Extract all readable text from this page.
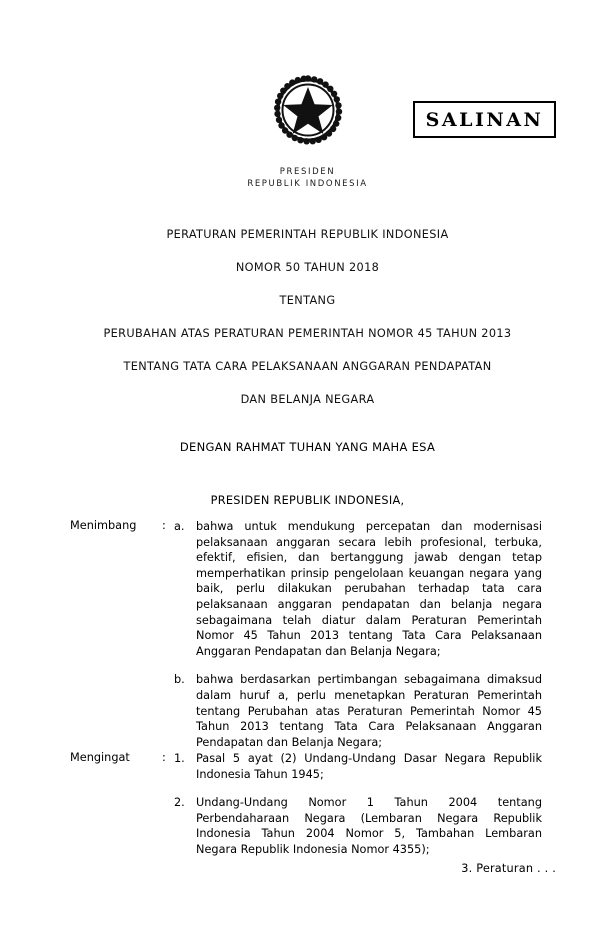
PRESIDEN
REPUBLIK INDONESIA
SALINAN
PERATURAN PEMERINTAH REPUBLIK INDONESIA
NOMOR 50 TAHUN 2018
TENTANG
PERUBAHAN ATAS PERATURAN PEMERINTAH NOMOR 45 TAHUN 2013
TENTANG TATA CARA PELAKSANAAN ANGGARAN PENDAPATAN
DAN BELANJA NEGARA
DENGAN RAHMAT TUHAN YANG MAHA ESA
PRESIDEN REPUBLIK INDONESIA,
Menimbang	: a.	bahwa untuk mendukung percepatan dan modernisasi pelaksanaan anggaran secara lebih profesional, terbuka, efektif, efisien, dan bertanggung jawab dengan tetap memperhatikan prinsip pengelolaan keuangan negara yang baik, perlu dilakukan perubahan terhadap tata cara pelaksanaan anggaran pendapatan dan belanja negara sebagaimana telah diatur dalam Peraturan Pemerintah Nomor 45 Tahun 2013 tentang Tata Cara Pelaksanaan Anggaran Pendapatan dan Belanja Negara;
b. bahwa berdasarkan pertimbangan sebagaimana dimaksud dalam huruf a, perlu menetapkan Peraturan Pemerintah tentang Perubahan atas Peraturan Pemerintah Nomor 45 Tahun 2013 tentang Tata Cara Pelaksanaan Anggaran Pendapatan dan Belanja Negara;
Mengingat	: 1. Pasal 5 ayat (2) Undang-Undang Dasar Negara Republik Indonesia Tahun 1945;
2. Undang-Undang Nomor 1 Tahun 2004 tentang Perbendaharaan Negara (Lembaran Negara Republik Indonesia Tahun 2004 Nomor 5, Tambahan Lembaran Negara Republik Indonesia Nomor 4355);
3. Peraturan . . .
